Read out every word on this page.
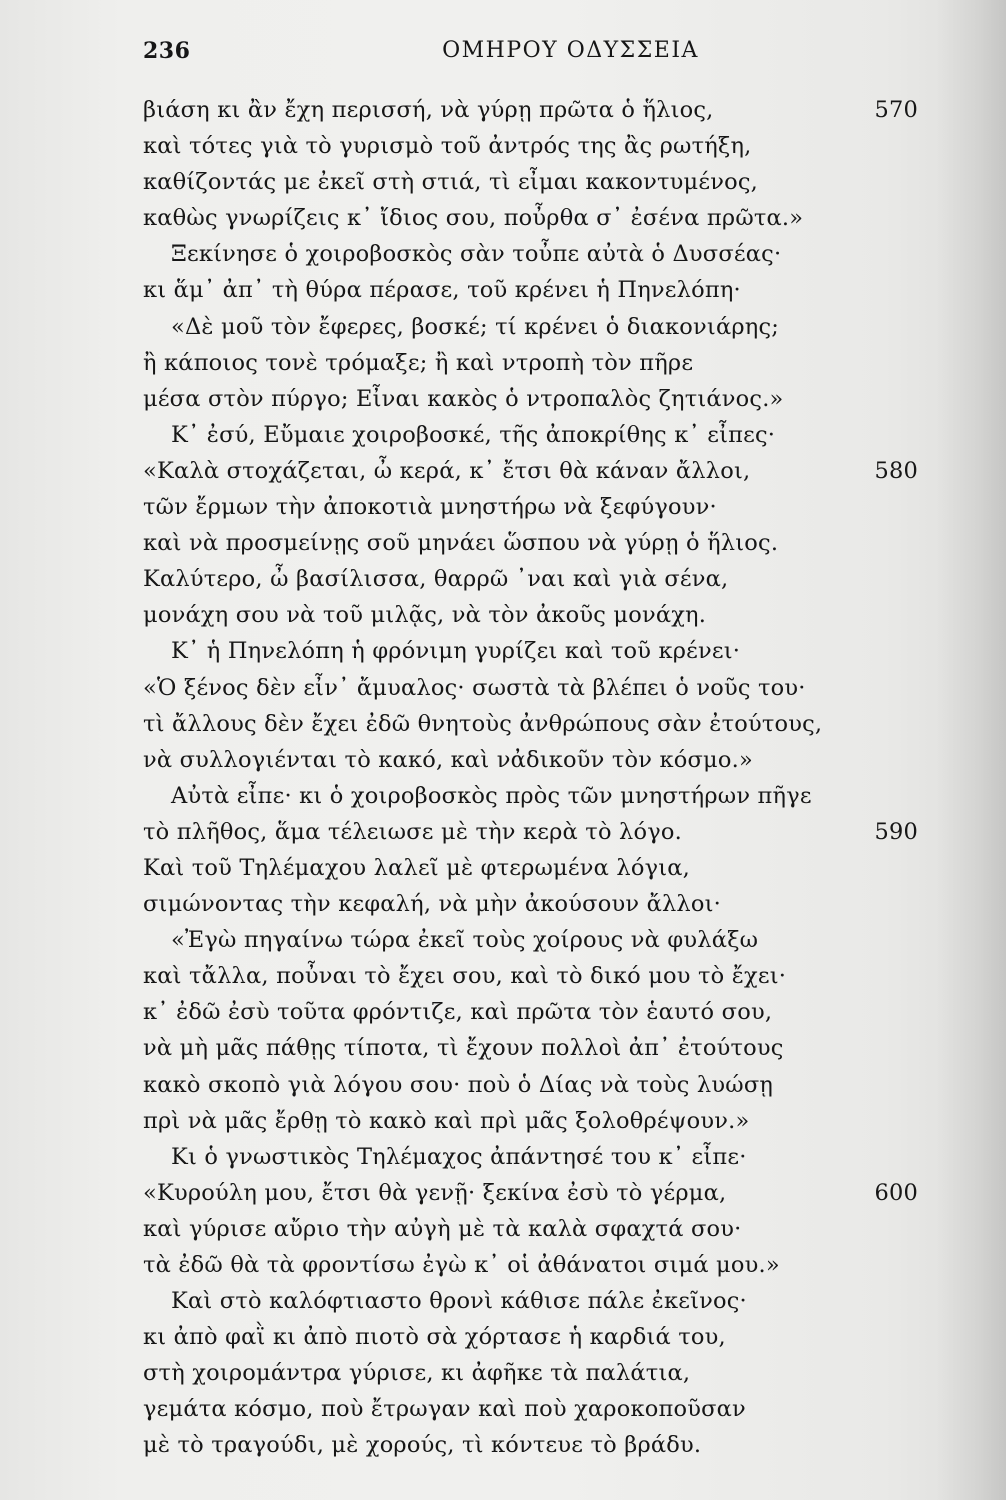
236	ΟΜΗΡΟΥ ΟΔΥΣΣΕΙΑ
βιάση κι ἂν ἔχη περισσή, νὰ γύρῃ πρῶτα ὁ ἥλιος,	570
καὶ τότες γιὰ τὸ γυρισμὸ τοῦ ἀντρός της ἂς ρωτήξη,
καθίζοντάς με ἐκεῖ στὴ στιά, τὶ εἶμαι κακοντυμένος,
καθὼς γνωρίζεις κ᾿ ἴδιος σου, ποὖρθα σ᾿ ἐσένα πρῶτα.»
Ξεκίνησε ὁ χοιροβοσκὸς σὰν τοὖπε αὐτὰ ὁ Δυσσέας·
κι ἅμ᾿ ἀπ᾿ τὴ θύρα πέρασε, τοῦ κρένει ἡ Πηνελόπη·
«Δὲ μοῦ τὸν ἔφερες, βοσκέ; τί κρένει ὁ διακονιάρης;
ἢ κάποιος τονὲ τρόμαξε; ἢ καὶ ντροπὴ τὸν πῆρε
μέσα στὸν πύργο; Εἶναι κακὸς ὁ ντροπαλὸς ζητιάνος.»
Κ᾿ ἐσύ, Εὔμαιε χοιροβοσκέ, τῆς ἀποκρίθης κ᾿ εἶπες·
«Καλὰ στοχάζεται, ὦ κερά, κ᾿ ἔτσι θὰ κάναν ἄλλοι,	580
τῶν ἔρμων τὴν ἀποκοτιὰ μνηστήρω νὰ ξεφύγουν·
καὶ νὰ προσμείνῃς σοῦ μηνάει ὥσπου νὰ γύρῃ ὁ ἥλιος.
Καλύτερο, ὦ βασίλισσα, θαρρῶ ᾿ναι καὶ γιὰ σένα,
μονάχη σου νὰ τοῦ μιλᾷς, νὰ τὸν ἀκοῦς μονάχη.
Κ᾿ ἡ Πηνελόπη ἡ φρόνιμη γυρίζει καὶ τοῦ κρένει·
«Ὁ ξένος δὲν εἶν᾿ ἄμυαλος· σωστὰ τὰ βλέπει ὁ νοῦς του·
τὶ ἄλλους δὲν ἔχει ἐδῶ θνητοὺς ἀνθρώπους σὰν ἐτούτους,
νὰ συλλογιένται τὸ κακό, καὶ νἀδικοῦν τὸν κόσμο.»
Αὐτὰ εἶπε· κι ὁ χοιροβοσκὸς πρὸς τῶν μνηστήρων πῆγε
τὸ πλῆθος, ἅμα τέλειωσε μὲ τὴν κερὰ τὸ λόγο.	590
Καὶ τοῦ Τηλέμαχου λαλεῖ μὲ φτερωμένα λόγια,
σιμώνοντας τὴν κεφαλή, νὰ μὴν ἀκούσουν ἄλλοι·
«Ἐγὼ πηγαίνω τώρα ἐκεῖ τοὺς χοίρους νὰ φυλάξω
καὶ τἄλλα, ποὖναι τὸ ἔχει σου, καὶ τὸ δικό μου τὸ ἔχει·
κ᾿ ἐδῶ ἐσὺ τοῦτα φρόντιζε, καὶ πρῶτα τὸν ἑαυτό σου,
νὰ μὴ μᾶς πάθῃς τίποτα, τὶ ἔχουν πολλοὶ ἀπ᾿ ἐτούτους
κακὸ σκοπὸ γιὰ λόγου σου· ποὺ ὁ Δίας νὰ τοὺς λυώσῃ
πρὶ νὰ μᾶς ἔρθῃ τὸ κακὸ καὶ πρὶ μᾶς ξολοθρέψουν.»
Κι ὁ γνωστικὸς Τηλέμαχος ἀπάντησέ του κ᾿ εἶπε·
«Κυρούλη μου, ἔτσι θὰ γενῇ· ξεκίνα ἐσὺ τὸ γέρμα,	600
καὶ γύρισε αὔριο τὴν αὐγὴ μὲ τὰ καλὰ σφαχτά σου·
τὰ ἐδῶ θὰ τὰ φροντίσω ἐγὼ κ᾿ οἱ ἀθάνατοι σιμά μου.»
Καὶ στὸ καλόφτιαστο θρονὶ κάθισε πάλε ἐκεῖνος·
κι ἀπὸ φαῒ κι ἀπὸ πιοτὸ σὰ χόρτασε ἡ καρδιά του,
στὴ χοιρομάντρα γύρισε, κι ἀφῆκε τὰ παλάτια,
γεμάτα κόσμο, ποὺ ἔτρωγαν καὶ ποὺ χαροκοποῦσαν
μὲ τὸ τραγούδι, μὲ χορούς, τὶ κόντευε τὸ βράδυ.
